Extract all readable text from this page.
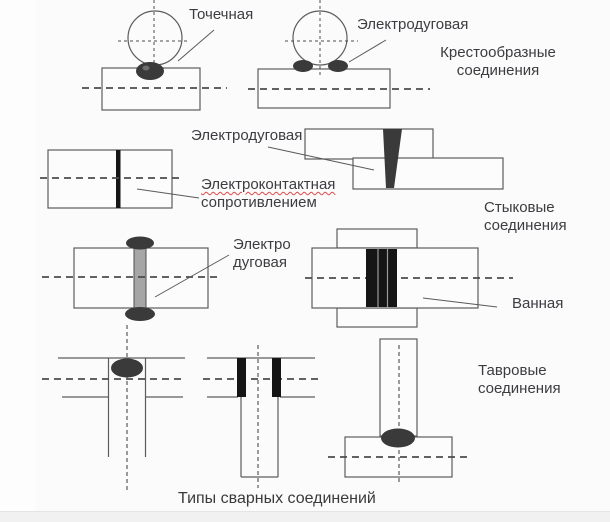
Точечная
Электродуговая
Крестообразные
соединения
Электродуговая
Электроконтактная
сопротивлением	Стыковые
соединения
Электро
дуговая
Ванная
Тавровые
соединения
Типы сварных соединений
